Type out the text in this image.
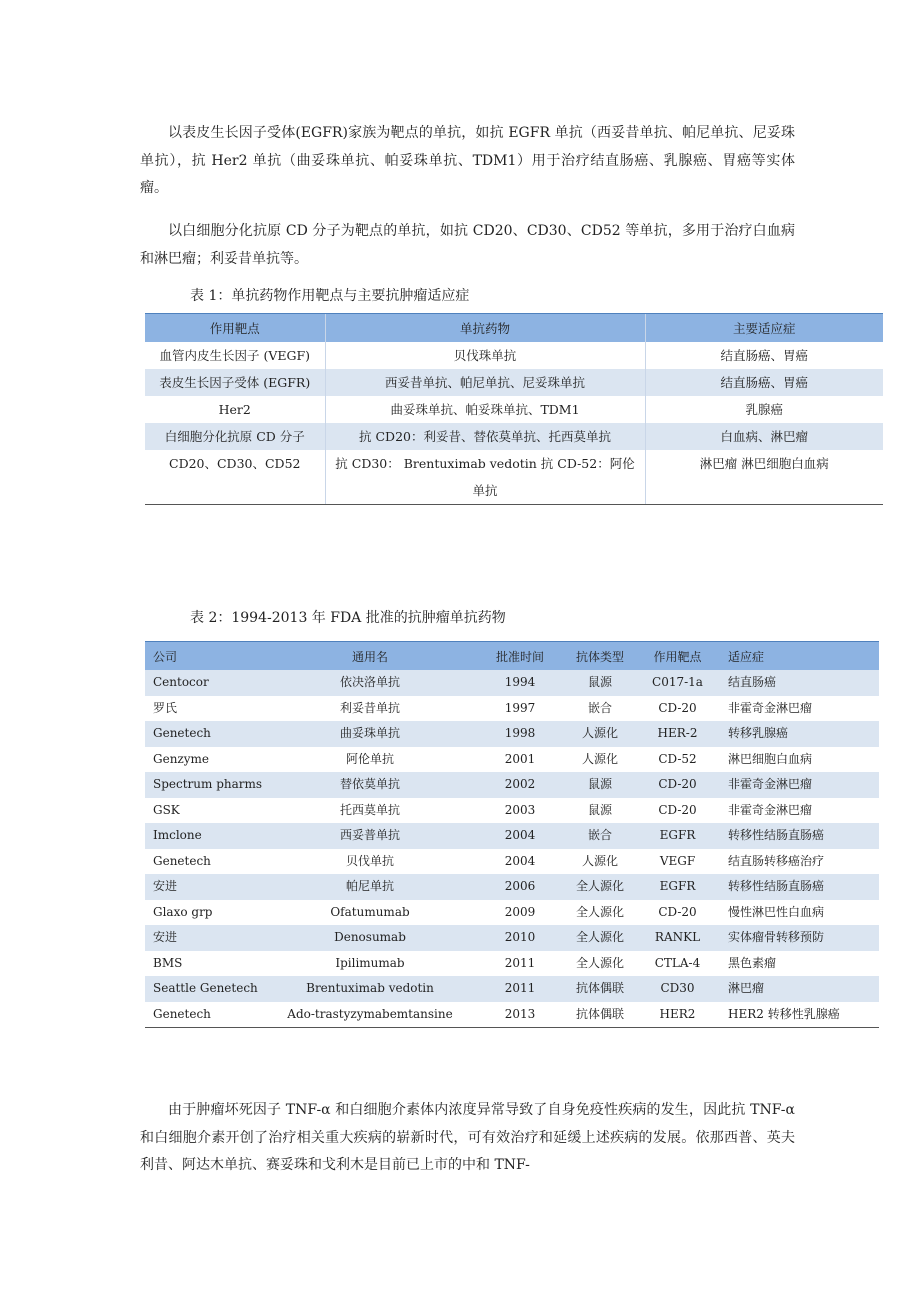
以表皮生长因子受体(EGFR)家族为靶点的单抗，如抗 EGFR 单抗（西妥昔单抗、帕尼单抗、尼妥珠单抗），抗 Her2 单抗（曲妥珠单抗、帕妥珠单抗、TDM1）用于治疗结直肠癌、乳腺癌、胃癌等实体瘤。

以白细胞分化抗原 CD 分子为靶点的单抗，如抗 CD20、CD30、CD52 等单抗，多用于治疗白血病和淋巴瘤；利妥昔单抗等。

表 1：单抗药物作用靶点与主要抗肿瘤适应症

作用靶点	单抗药物	主要适应症
血管内皮生长因子 (VEGF)	贝伐珠单抗	结直肠癌、胃癌
表皮生长因子受体 (EGFR)	西妥昔单抗、帕尼单抗、尼妥珠单抗	结直肠癌、胃癌
Her2	曲妥珠单抗、帕妥珠单抗、TDM1	乳腺癌
白细胞分化抗原 CD 分子	抗 CD20：利妥昔、替依莫单抗、托西莫单抗	白血病、淋巴瘤
CD20、CD30、CD52	抗 CD30： Brentuximab vedotin 抗 CD-52：阿伦单抗	淋巴瘤 淋巴细胞白血病

表 2：1994-2013 年 FDA 批准的抗肿瘤单抗药物

公司	通用名	批准时间	抗体类型	作用靶点	适应症
Centocor	依决洛单抗	1994	鼠源	C017-1a	结直肠癌
罗氏	利妥昔单抗	1997	嵌合	CD-20	非霍奇金淋巴瘤
Genetech	曲妥珠单抗	1998	人源化	HER-2	转移乳腺癌
Genzyme	阿伦单抗	2001	人源化	CD-52	淋巴细胞白血病
Spectrum pharms	替依莫单抗	2002	鼠源	CD-20	非霍奇金淋巴瘤
GSK	托西莫单抗	2003	鼠源	CD-20	非霍奇金淋巴瘤
Imclone	西妥普单抗	2004	嵌合	EGFR	转移性结肠直肠癌
Genetech	贝伐单抗	2004	人源化	VEGF	结直肠转移癌治疗
安进	帕尼单抗	2006	全人源化	EGFR	转移性结肠直肠癌
Glaxo grp	Ofatumumab	2009	全人源化	CD-20	慢性淋巴性白血病
安进	Denosumab	2010	全人源化	RANKL	实体瘤骨转移预防
BMS	Ipilimumab	2011	全人源化	CTLA-4	黑色素瘤
Seattle Genetech	Brentuximab vedotin	2011	抗体偶联	CD30	淋巴瘤
Genetech	Ado-trastyzymabemtansine	2013	抗体偶联	HER2	HER2 转移性乳腺癌

由于肿瘤坏死因子 TNF-α 和白细胞介素体内浓度异常导致了自身免疫性疾病的发生，因此抗 TNF-α 和白细胞介素开创了治疗相关重大疾病的崭新时代，可有效治疗和延缓上述疾病的发展。依那西普、英夫利昔、阿达木单抗、赛妥珠和戈利木是目前已上市的中和 TNF-
